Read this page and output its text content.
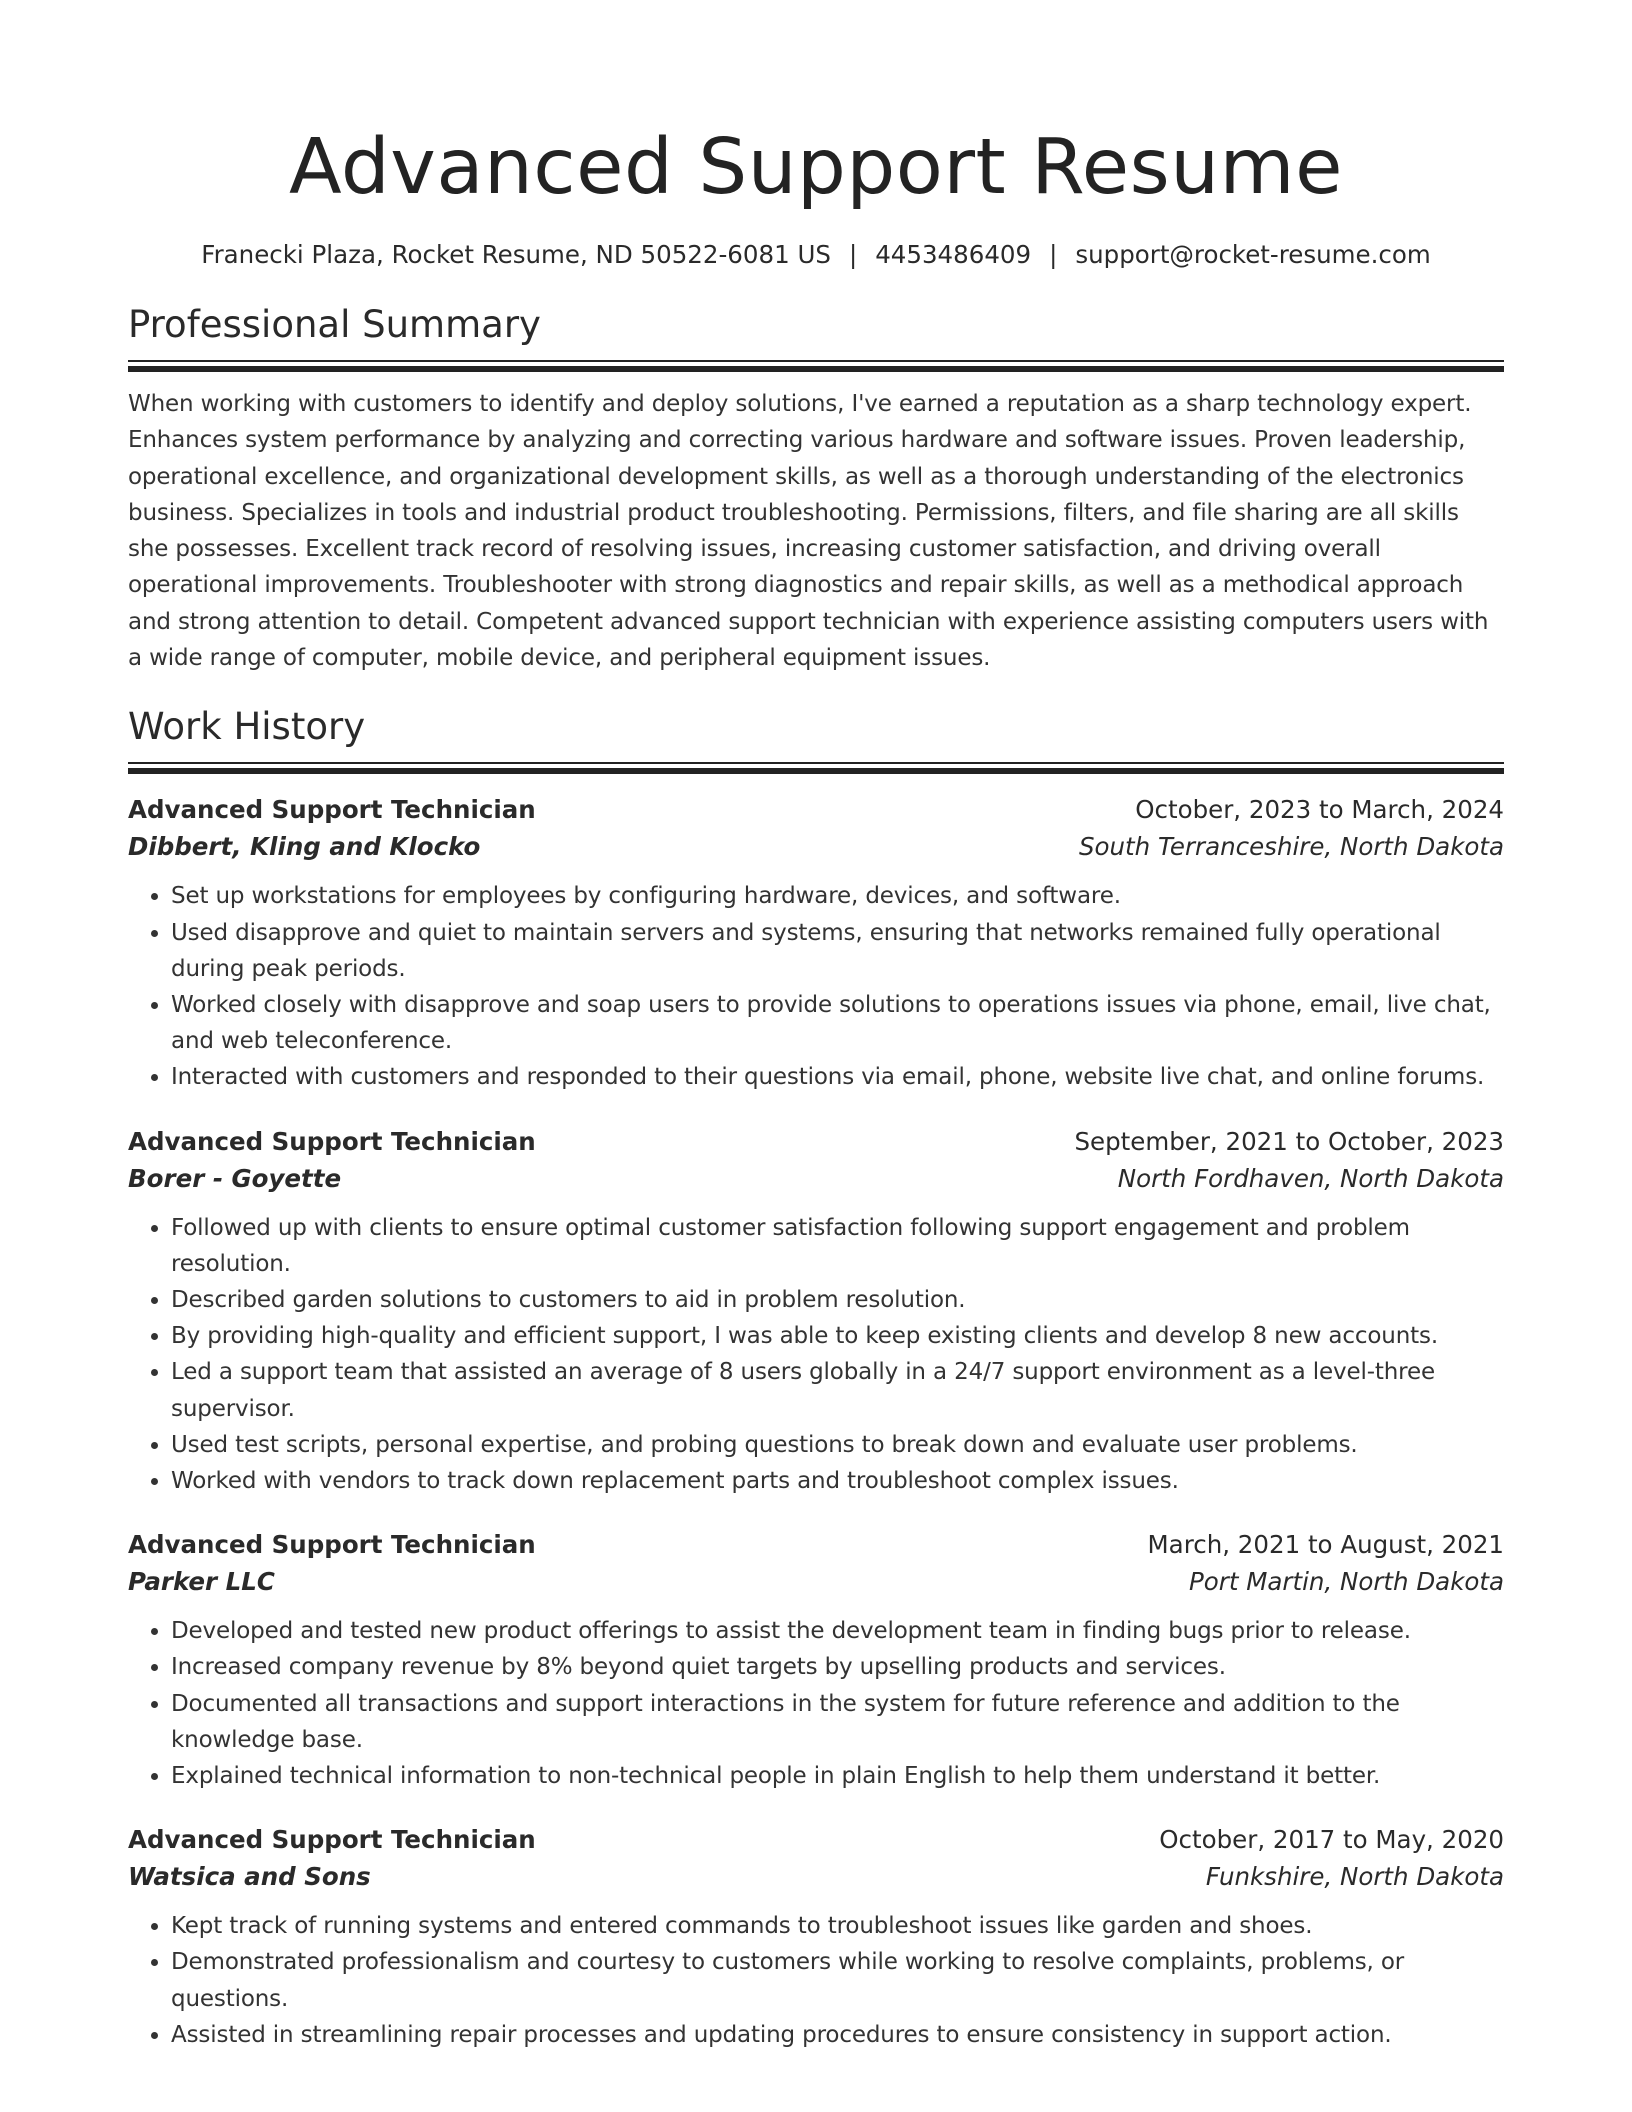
Advanced Support Resume
Franecki Plaza, Rocket Resume, ND 50522-6081 US | 4453486409 | support@rocket-resume.com
Professional Summary

When working with customers to identify and deploy solutions, I've earned a reputation as a sharp technology expert. Enhances system performance by analyzing and correcting various hardware and software issues. Proven leadership, operational excellence, and organizational development skills, as well as a thorough understanding of the electronics business. Specializes in tools and industrial product troubleshooting. Permissions, filters, and file sharing are all skills she possesses. Excellent track record of resolving issues, increasing customer satisfaction, and driving overall operational improvements. Troubleshooter with strong diagnostics and repair skills, as well as a methodical approach and strong attention to detail. Competent advanced support technician with experience assisting computers users with a wide range of computer, mobile device, and peripheral equipment issues.

Work History
Advanced Support Technician	October, 2023 to March, 2024
Dibbert, Kling and Klocko	South Terranceshire, North Dakota
• Set up workstations for employees by configuring hardware, devices, and software.
• Used disapprove and quiet to maintain servers and systems, ensuring that networks remained fully operational during peak periods.
• Worked closely with disapprove and soap users to provide solutions to operations issues via phone, email, live chat, and web teleconference.
• Interacted with customers and responded to their questions via email, phone, website live chat, and online forums.
Advanced Support Technician	September, 2021 to October, 2023
Borer - Goyette	North Fordhaven, North Dakota
• Followed up with clients to ensure optimal customer satisfaction following support engagement and problem resolution.
• Described garden solutions to customers to aid in problem resolution.
• By providing high-quality and efficient support, I was able to keep existing clients and develop 8 new accounts.
• Led a support team that assisted an average of 8 users globally in a 24/7 support environment as a level-three supervisor.
• Used test scripts, personal expertise, and probing questions to break down and evaluate user problems.
• Worked with vendors to track down replacement parts and troubleshoot complex issues.
Advanced Support Technician	March, 2021 to August, 2021
Parker LLC	Port Martin, North Dakota
• Developed and tested new product offerings to assist the development team in finding bugs prior to release.
• Increased company revenue by 8% beyond quiet targets by upselling products and services.
• Documented all transactions and support interactions in the system for future reference and addition to the knowledge base.
• Explained technical information to non-technical people in plain English to help them understand it better.
Advanced Support Technician	October, 2017 to May, 2020
Watsica and Sons	Funkshire, North Dakota
• Kept track of running systems and entered commands to troubleshoot issues like garden and shoes.
• Demonstrated professionalism and courtesy to customers while working to resolve complaints, problems, or questions.
• Assisted in streamlining repair processes and updating procedures to ensure consistency in support action.
